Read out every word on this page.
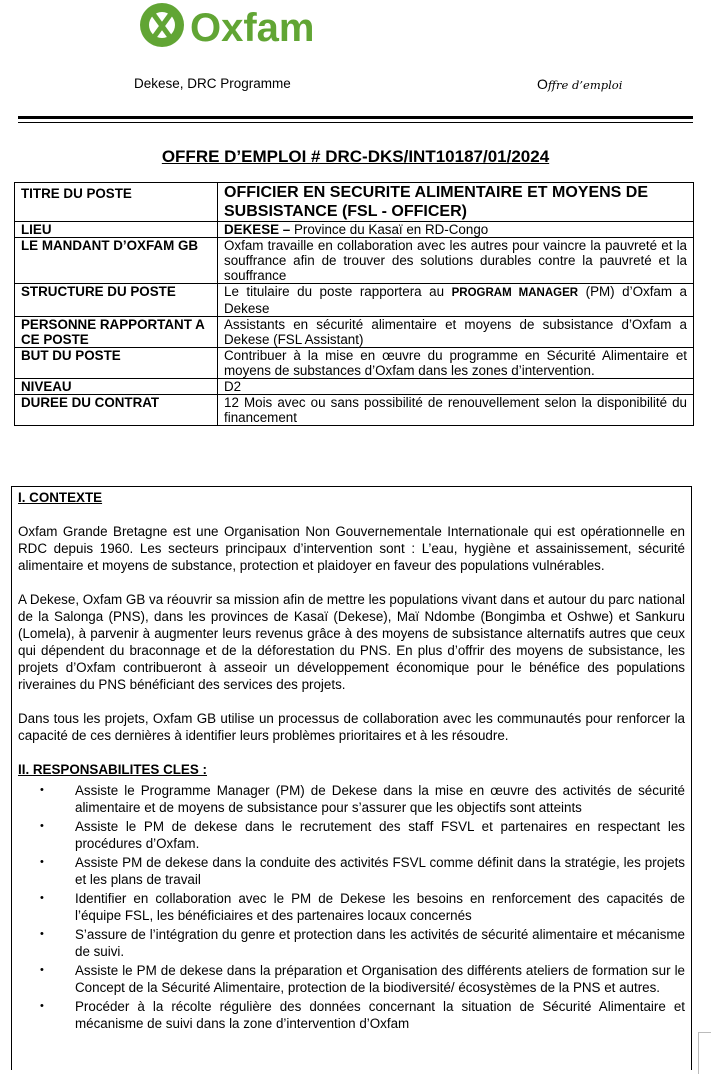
Oxfam
Dekese, DRC Programme	Offre d’emploi
OFFRE D’EMPLOI # DRC-DKS/INT10187/01/2024
TITRE DU POSTE	OFFICIER EN SECURITE ALIMENTAIRE ET MOYENS DE SUBSISTANCE (FSL - OFFICER)
LIEU	DEKESE – Province du Kasaï en RD-Congo
LE MANDANT D’OXFAM GB	Oxfam travaille en collaboration avec les autres pour vaincre la pauvreté et la souffrance afin de trouver des solutions durables contre la pauvreté et la souffrance
STRUCTURE DU POSTE	Le titulaire du poste rapportera au PROGRAM MANAGER (PM) d’Oxfam a Dekese
PERSONNE RAPPORTANT A CE POSTE	Assistants en sécurité alimentaire et moyens de subsistance d’Oxfam a Dekese (FSL Assistant)
BUT DU POSTE	Contribuer à la mise en œuvre du programme en Sécurité Alimentaire et moyens de substances d’Oxfam dans les zones d’intervention.
NIVEAU	D2
DUREE DU CONTRAT	12 Mois avec ou sans possibilité de renouvellement selon la disponibilité du financement

I. CONTEXTE

Oxfam Grande Bretagne est une Organisation Non Gouvernementale Internationale qui est opérationnelle en RDC depuis 1960. Les secteurs principaux d’intervention sont : L’eau, hygiène et assainissement, sécurité alimentaire et moyens de substance, protection et plaidoyer en faveur des populations vulnérables.

A Dekese, Oxfam GB va réouvrir sa mission afin de mettre les populations vivant dans et autour du parc national de la Salonga (PNS), dans les provinces de Kasaï (Dekese), Maï Ndombe (Bongimba et Oshwe) et Sankuru (Lomela), à parvenir à augmenter leurs revenus grâce à des moyens de subsistance alternatifs autres que ceux qui dépendent du braconnage et de la déforestation du PNS. En plus d’offrir des moyens de subsistance, les projets d’Oxfam contribueront à asseoir un développement économique pour le bénéfice des populations riveraines du PNS bénéficiant des services des projets.

Dans tous les projets, Oxfam GB utilise un processus de collaboration avec les communautés pour renforcer la capacité de ces dernières à identifier leurs problèmes prioritaires et à les résoudre.

II. RESPONSABILITES CLES :

• Assiste le Programme Manager (PM) de Dekese dans la mise en œuvre des activités de sécurité alimentaire et de moyens de subsistance pour s’assurer que les objectifs sont atteints
• Assiste le PM de dekese dans le recrutement des staff FSVL et partenaires en respectant les procédures d’Oxfam.
• Assiste PM de dekese dans la conduite des activités FSVL comme définit dans la stratégie, les projets et les plans de travail
• Identifier en collaboration avec le PM de Dekese les besoins en renforcement des capacités de l’équipe FSL, les bénéficiaires et des partenaires locaux concernés
• S’assure de l’intégration du genre et protection dans les activités de sécurité alimentaire et mécanisme de suivi.
• Assiste le PM de dekese dans la préparation et Organisation des différents ateliers de formation sur le Concept de la Sécurité Alimentaire, protection de la biodiversité/ écosystèmes de la PNS et autres.
• Procéder à la récolte régulière des données concernant la situation de Sécurité Alimentaire et mécanisme de suivi dans la zone d’intervention d’Oxfam
